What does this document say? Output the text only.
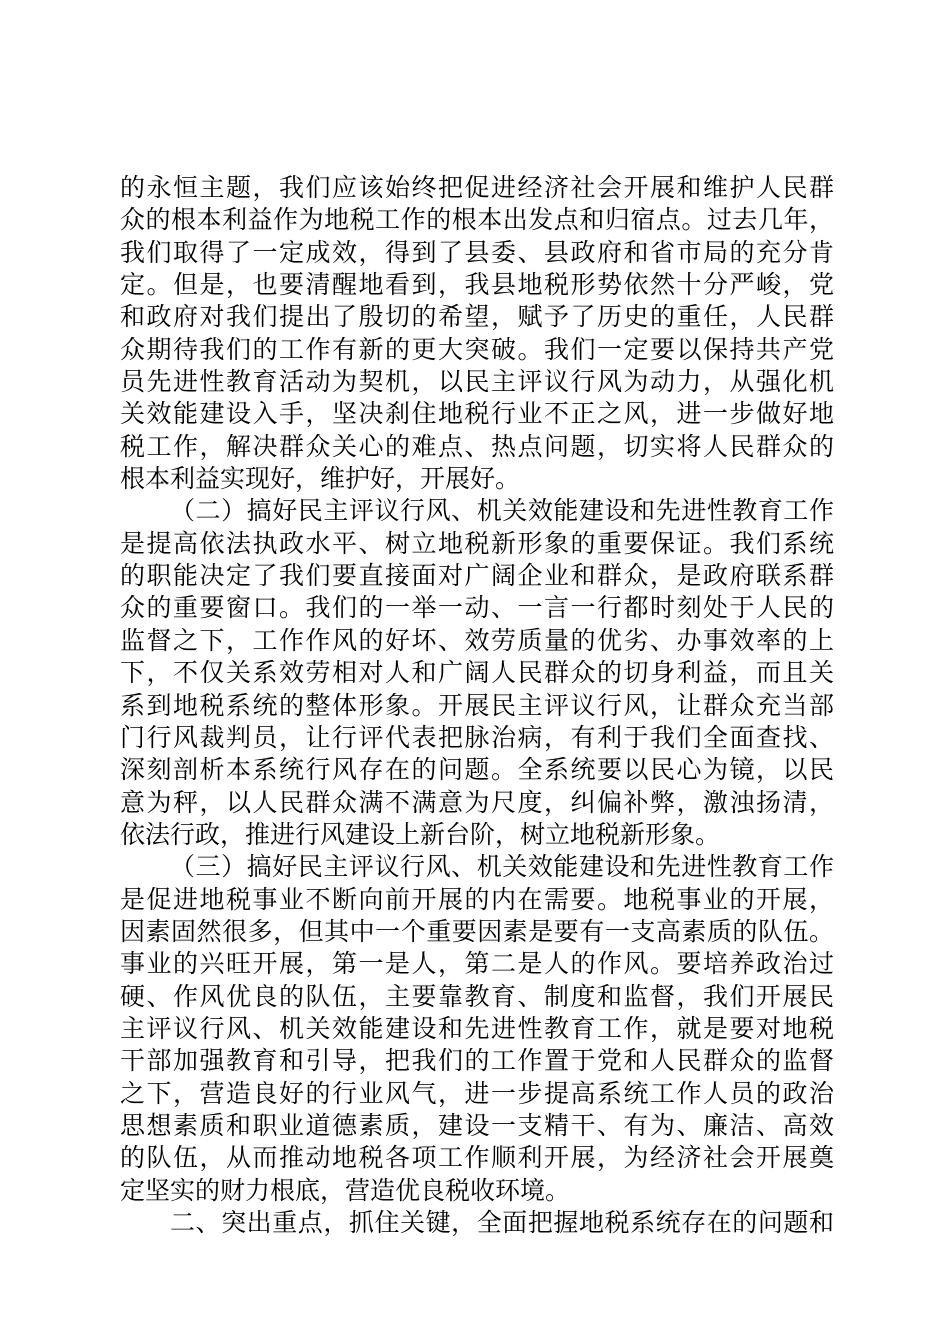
的永恒主题，我们应该始终把促进经济社会开展和维护人民群
众的根本利益作为地税工作的根本出发点和归宿点。过去几年，
我们取得了一定成效，得到了县委、县政府和省市局的充分肯
定。但是，也要清醒地看到，我县地税形势依然十分严峻，党
和政府对我们提出了殷切的希望，赋予了历史的重任，人民群
众期待我们的工作有新的更大突破。我们一定要以保持共产党
员先进性教育活动为契机，以民主评议行风为动力，从强化机
关效能建设入手，坚决刹住地税行业不正之风，进一步做好地
税工作，解决群众关心的难点、热点问题，切实将人民群众的
根本利益实现好，维护好，开展好。
（二）搞好民主评议行风、机关效能建设和先进性教育工作
是提高依法执政水平、树立地税新形象的重要保证。我们系统
的职能决定了我们要直接面对广阔企业和群众，是政府联系群
众的重要窗口。我们的一举一动、一言一行都时刻处于人民的
监督之下，工作作风的好坏、效劳质量的优劣、办事效率的上
下，不仅关系效劳相对人和广阔人民群众的切身利益，而且关
系到地税系统的整体形象。开展民主评议行风，让群众充当部
门行风裁判员，让行评代表把脉治病，有利于我们全面查找、
深刻剖析本系统行风存在的问题。全系统要以民心为镜，以民
意为秤，以人民群众满不满意为尺度，纠偏补弊，激浊扬清，
依法行政，推进行风建设上新台阶，树立地税新形象。
（三）搞好民主评议行风、机关效能建设和先进性教育工作
是促进地税事业不断向前开展的内在需要。地税事业的开展，
因素固然很多，但其中一个重要因素是要有一支高素质的队伍。
事业的兴旺开展，第一是人，第二是人的作风。要培养政治过
硬、作风优良的队伍，主要靠教育、制度和监督，我们开展民
主评议行风、机关效能建设和先进性教育工作，就是要对地税
干部加强教育和引导，把我们的工作置于党和人民群众的监督
之下，营造良好的行业风气，进一步提高系统工作人员的政治
思想素质和职业道德素质，建设一支精干、有为、廉洁、高效
的队伍，从而推动地税各项工作顺利开展，为经济社会开展奠
定坚实的财力根底，营造优良税收环境。
二、突出重点，抓住关键，全面把握地税系统存在的问题和
